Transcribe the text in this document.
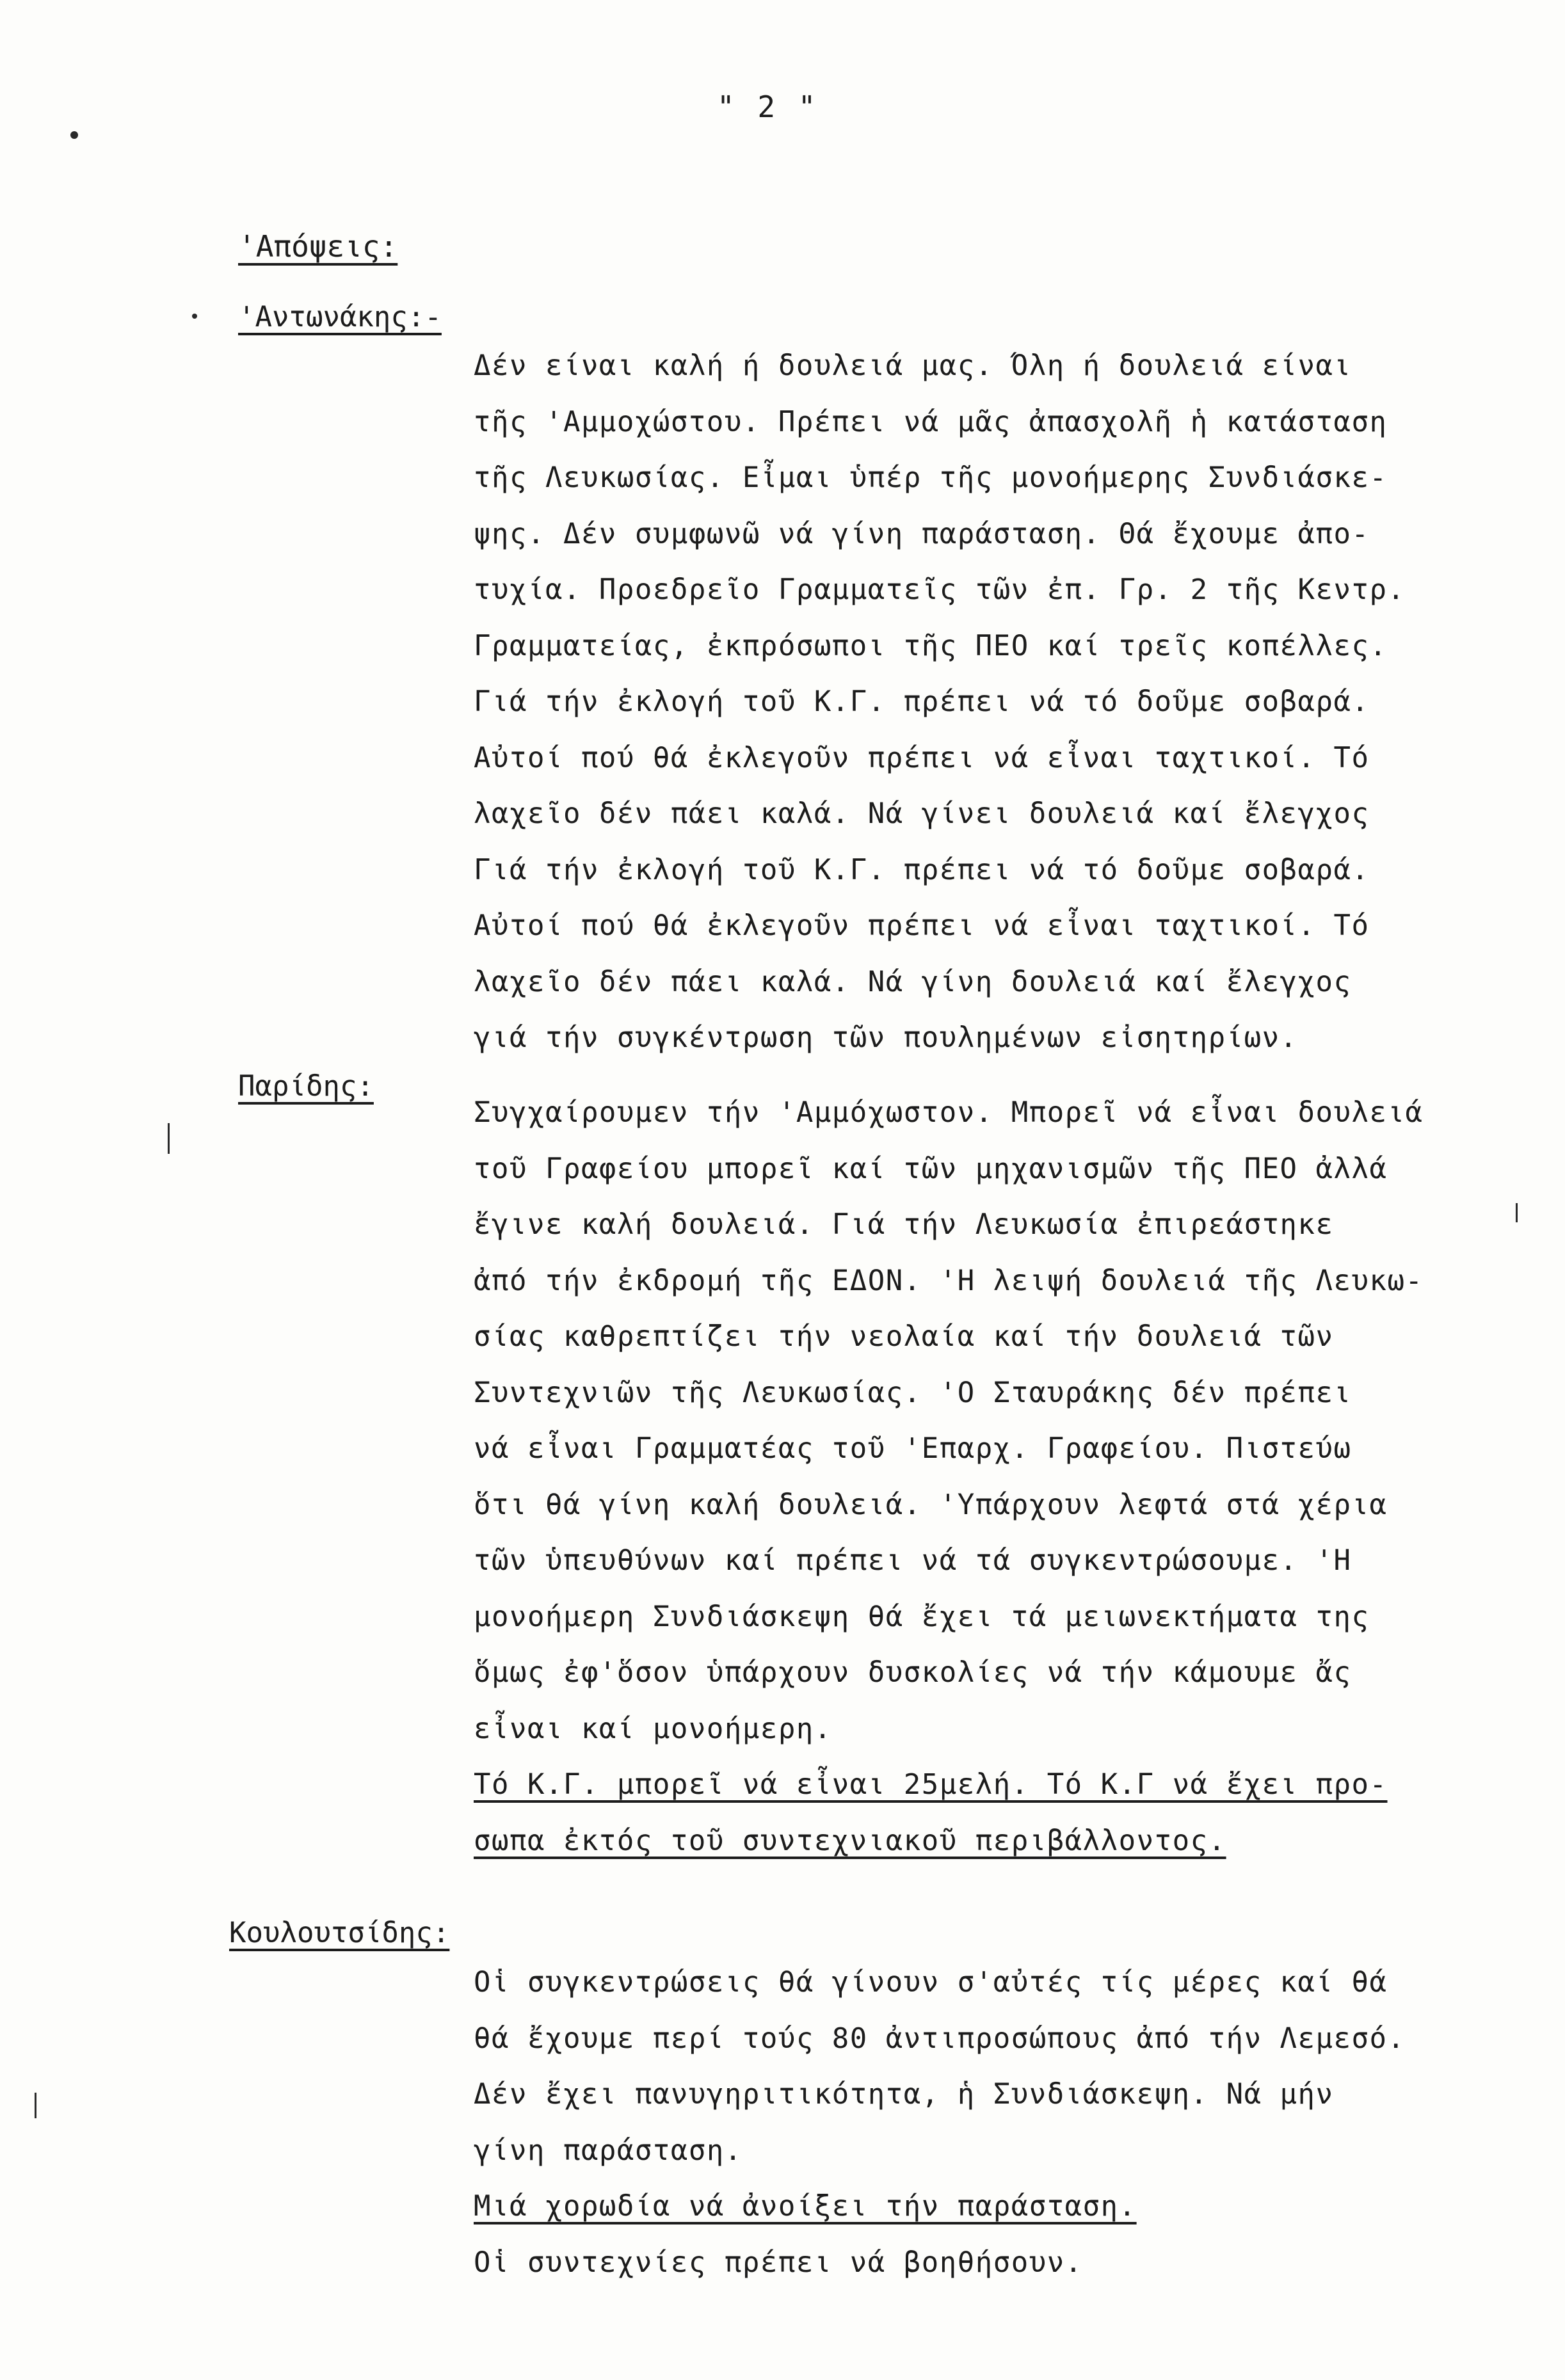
" 2 "
'Απόψεις:
'Αντωνάκης:-
Δέν είναι καλή ή δουλειά μας. Όλη ή δουλειά είναι
τῆς 'Αμμοχώστου. Πρέπει νά μᾶς ἀπασχολῆ ἡ κατάσταση
τῆς Λευκωσίας. Εἶμαι ὑπέρ τῆς μονοήμερης Συνδιάσκε-
ψης. Δέν συμφωνῶ νά γίνη παράσταση. Θά ἔχουμε ἀπο-
τυχία. Προεδρεῖο Γραμματεῖς τῶν ἐπ. Γρ. 2 τῆς Κεντρ.
Γραμματείας, ἐκπρόσωποι τῆς ΠΕΟ καί τρεῖς κοπέλλες.
Γιά τήν ἐκλογή τοῦ Κ.Γ. πρέπει νά τό δοῦμε σοβαρά.
Αὐτοί πού θά ἐκλεγοῦν πρέπει νά εἶναι ταχτικοί. Τό
λαχεῖο δέν πάει καλά. Νά γίνει δουλειά καί ἔλεγχος
Γιά τήν ἐκλογή τοῦ Κ.Γ. πρέπει νά τό δοῦμε σοβαρά.
Αὐτοί πού θά ἐκλεγοῦν πρέπει νά εἶναι ταχτικοί. Τό
λαχεῖο δέν πάει καλά. Νά γίνη δουλειά καί ἔλεγχος
γιά τήν συγκέντρωση τῶν πουλημένων εἰσητηρίων.
Παρίδης:
Συγχαίρουμεν τήν 'Αμμόχωστον. Μπορεῖ νά εἶναι δουλειά
τοῦ Γραφείου μπορεῖ καί τῶν μηχανισμῶν τῆς ΠΕΟ ἀλλά
ἔγινε καλή δουλειά. Γιά τήν Λευκωσία ἐπιρεάστηκε
ἀπό τήν ἐκδρομή τῆς ΕΔΟΝ. 'Η λειψή δουλειά τῆς Λευκω-
σίας καθρεπτίζει τήν νεολαία καί τήν δουλειά τῶν
Συντεχνιῶν τῆς Λευκωσίας. 'Ο Σταυράκης δέν πρέπει
νά εἶναι Γραμματέας τοῦ 'Επαρχ. Γραφείου. Πιστεύω
ὅτι θά γίνη καλή δουλειά. 'Υπάρχουν λεφτά στά χέρια
τῶν ὑπευθύνων καί πρέπει νά τά συγκεντρώσουμε. 'Η
μονοήμερη Συνδιάσκεψη θά ἔχει τά μειωνεκτήματα της
ὅμως ἐφ'ὅσον ὑπάρχουν δυσκολίες νά τήν κάμουμε ἄς
εἶναι καί μονοήμερη.
Τό Κ.Γ. μπορεῖ νά εἶναι 25μελή. Τό Κ.Γ νά ἔχει προ-
σωπα ἐκτός τοῦ συντεχνιακοῦ περιβάλλοντος.
Κουλουτσίδης:
Οἱ συγκεντρώσεις θά γίνουν σ'αὐτές τίς μέρες καί θά
θά ἔχουμε περί τούς 80 ἀντιπροσώπους ἀπό τήν Λεμεσό.
Δέν ἔχει πανυγηριτικότητα, ἡ Συνδιάσκεψη. Νά μήν
γίνη παράσταση.
Μιά χορωδία νά ἀνοίξει τήν παράσταση.
Οἱ συντεχνίες πρέπει νά βοηθήσουν.
